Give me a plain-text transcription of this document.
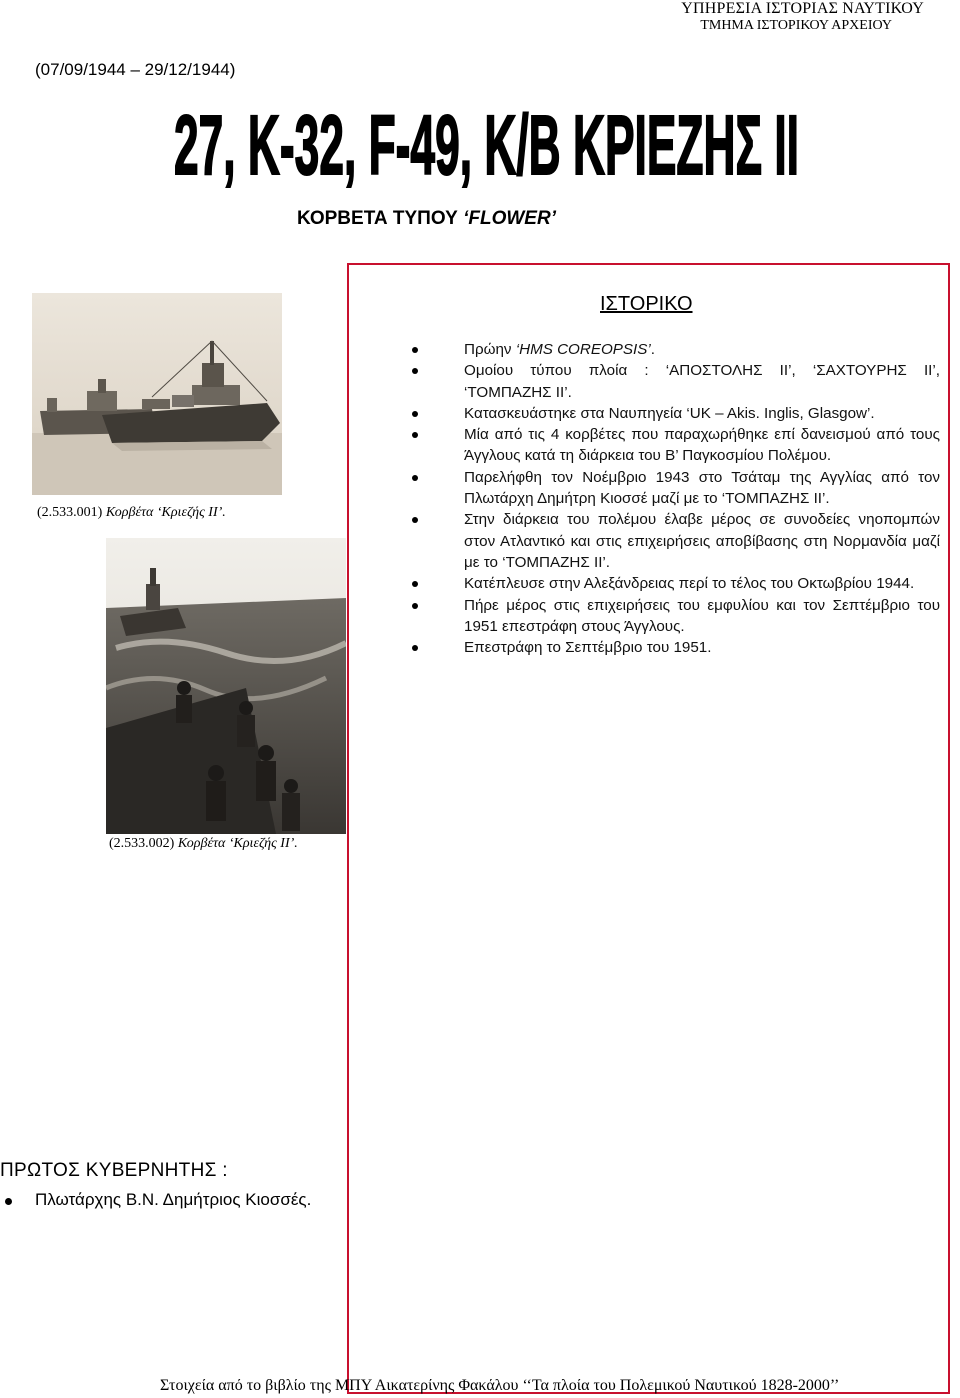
ΥΠΗΡΕΣΙΑ ΙΣΤΟΡΙΑΣ ΝΑΥΤΙΚΟΥ
ΤΜΗΜΑ ΙΣΤΟΡΙΚΟΥ ΑΡΧΕΙΟΥ
(07/09/1944 – 29/12/1944)
27, Κ-32, F-49, Κ/Β ΚΡΙΕΖΗΣ ΙΙ
ΚΟΡΒΕΤΑ ΤΥΠΟΥ ‘FLOWER’
ΙΣΤΟΡΙΚΟ
Πρώην ‘HMS COREOPSIS’.
Ομοίου τύπου πλοία : ‘ΑΠΟΣΤΟΛΗΣ ΙΙ’, ‘ΣΑΧΤΟΥΡΗΣ ΙΙ’, ‘ΤΟΜΠΑΖΗΣ ΙΙ’.
Κατασκευάστηκε στα Ναυπηγεία ‘UK – Akis. Inglis, Glasgow’.
Μία από τις 4 κορβέτες που παραχωρήθηκε επί δανεισμού από τους Άγγλους κατά τη διάρκεια του Β’ Παγκοσμίου Πολέμου.
Παρελήφθη τον Νοέμβριο 1943 στο Τσάταμ της Αγγλίας από τον Πλωτάρχη Δημήτρη Κιοσσέ μαζί με το ‘ΤΟΜΠΑΖΗΣ ΙΙ’.
Στην διάρκεια του πολέμου έλαβε μέρος σε συνοδείες νηοπομπών στον Ατλαντικό και στις επιχειρήσεις αποβίβασης στη Νορμανδία μαζί με το ‘ΤΟΜΠΑΖΗΣ ΙΙ’.
Κατέπλευσε στην Αλεξάνδρειας περί το τέλος του Οκτωβρίου 1944.
Πήρε μέρος στις επιχειρήσεις του εμφυλίου και τον Σεπτέμβριο του 1951 επεστράφη στους Άγγλους.
Επεστράφη το Σεπτέμβριο του 1951.
(2.533.001) Κορβέτα ‘Κριεζής ΙΙ’.
(2.533.002) Κορβέτα ‘Κριεζής ΙΙ’.
ΠΡΩΤΟΣ ΚΥΒΕΡΝΗΤΗΣ :
Πλωτάρχης Β.Ν. Δημήτριος Κιοσσές.
Στοιχεία από το βιβλίο της ΜΠΥ Αικατερίνης Φακάλου ‘‘Τα πλοία του Πολεμικού Ναυτικού 1828-2000’’
